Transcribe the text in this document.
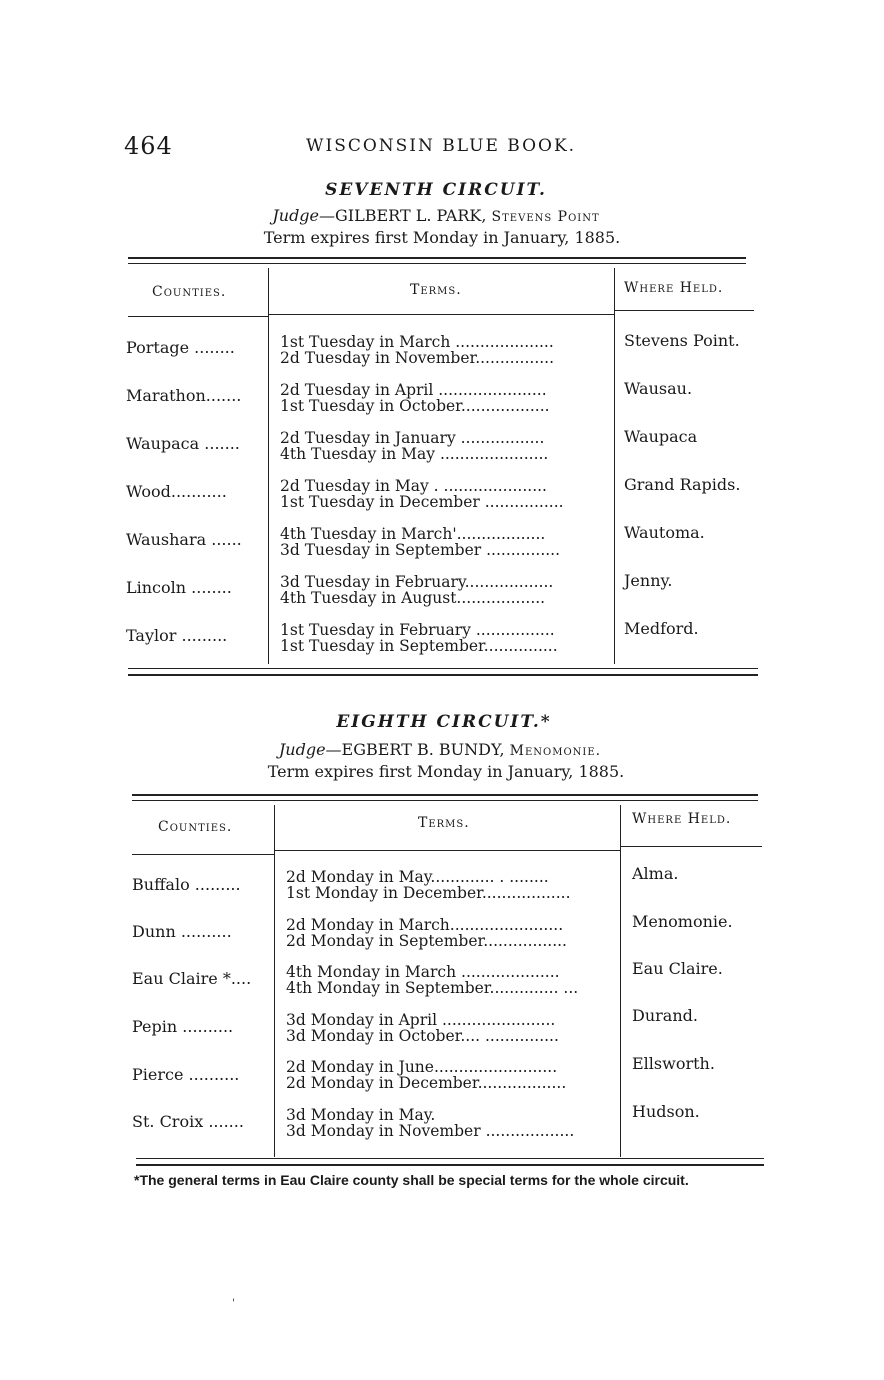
464	WISCONSIN BLUE BOOK.
SEVENTH CIRCUIT.
Judge—GILBERT L. PARK, Stevens Point
Term expires first Monday in January, 1885.
Counties.	Terms.	Where Held.
Portage ........	1st Tuesday in March ....................
2d Tuesday in November................
Stevens Point.
Marathon....... 2d Tuesday in April ......................
1st Tuesday in October..................
Wausau.
Waupaca .......	2d Tuesday in January .................
4th Tuesday in May ......................
Waupaca
Wood...........	2d Tuesday in May . .....................
1st Tuesday in December ................
Grand Rapids.
Waushara ...... 4th Tuesday in March'..................
3d Tuesday in September ...............
Wautoma.
Lincoln ........	3d Tuesday in February..................
4th Tuesday in August..................
Jenny.
Taylor .........	1st Tuesday in February ................
1st Tuesday in September...............
Medford.
EIGHTH CIRCUIT.*
Judge—EGBERT B. BUNDY, Menomonie.
Term expires first Monday in January, 1885.
Counties.	Terms.	Where Held.
Buffalo .........	2d Monday in May............. . ........
1st Monday in December..................
Alma.
Dunn ..........	2d Monday in March.......................
2d Monday in September.................
Menomonie.
Eau Claire *.... 4th Monday in March ....................
4th Monday in September.............. ...
Eau Claire.
Pepin ..........	3d Monday in April .......................
3d Monday in October.... ...............
Durand.
Pierce ..........	2d Monday in June.........................
2d Monday in December..................
Ellsworth.
St. Croix .......	3d Monday in May.
3d Monday in November ..................
Hudson.
*The general terms in Eau Claire county shall be special terms for the whole circuit.
'
